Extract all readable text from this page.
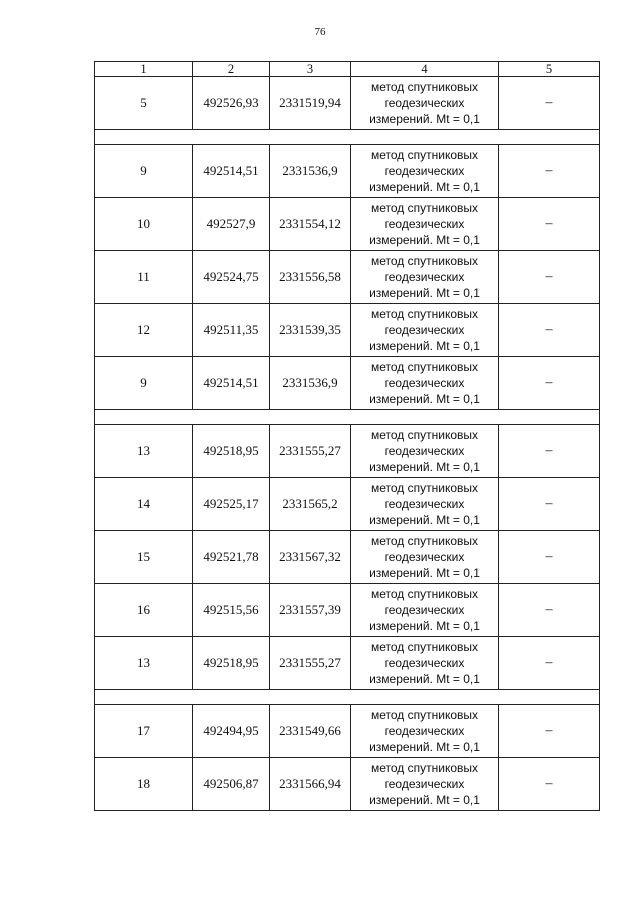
76
1	2	3	4	5
5	492526,93	2331519,94	метод спутниковых
геодезических
измерений. Mt = 0,1	–

9	492514,51	2331536,9	метод спутниковых
геодезических
измерений. Mt = 0,1	–
10	492527,9	2331554,12	метод спутниковых
геодезических
измерений. Mt = 0,1	–
11	492524,75	2331556,58	метод спутниковых
геодезических
измерений. Mt = 0,1	–
12	492511,35	2331539,35	метод спутниковых
геодезических
измерений. Mt = 0,1	–
9	492514,51	2331536,9	метод спутниковых
геодезических
измерений. Mt = 0,1	–

13	492518,95	2331555,27	метод спутниковых
геодезических
измерений. Mt = 0,1	–
14	492525,17	2331565,2	метод спутниковых
геодезических
измерений. Mt = 0,1	–
15	492521,78	2331567,32	метод спутниковых
геодезических
измерений. Mt = 0,1	–
16	492515,56	2331557,39	метод спутниковых
геодезических
измерений. Mt = 0,1	–
13	492518,95	2331555,27	метод спутниковых
геодезических
измерений. Mt = 0,1	–

17	492494,95	2331549,66	метод спутниковых
геодезических
измерений. Mt = 0,1	–
18	492506,87	2331566,94	метод спутниковых
геодезических
измерений. Mt = 0,1	–
